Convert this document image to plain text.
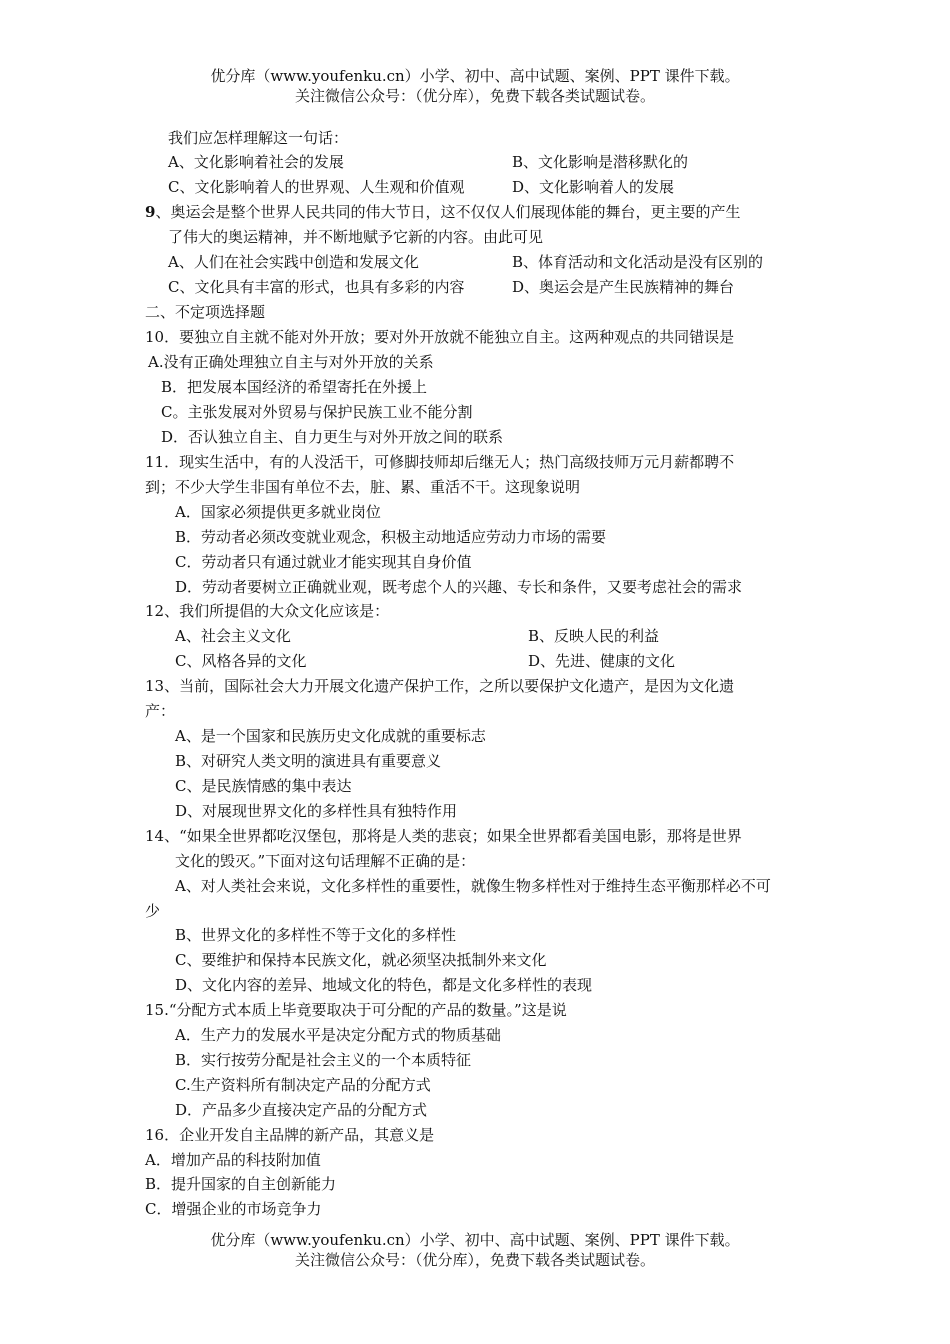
优分库（www.youfenku.cn）小学、初中、高中试题、案例、PPT 课件下载。
关注微信公众号：（优分库），免费下载各类试题试卷。
我们应怎样理解这一句话：
A、文化影响着社会的发展	B、文化影响是潜移默化的
C、文化影响着人的世界观、人生观和价值观	D、文化影响着人的发展
9、奥运会是整个世界人民共同的伟大节日，这不仅仅人们展现体能的舞台，更主要的产生
了伟大的奥运精神，并不断地赋予它新的内容。由此可见
A、人们在社会实践中创造和发展文化	B、体育活动和文化活动是没有区别的
C、文化具有丰富的形式，也具有多彩的内容	D、奥运会是产生民族精神的舞台
二、不定项选择题
10．要独立自主就不能对外开放；要对外开放就不能独立自主。这两种观点的共同错误是
A.没有正确处理独立自主与对外开放的关系
B．把发展本国经济的希望寄托在外援上
C。主张发展对外贸易与保护民族工业不能分割
D．否认独立自主、自力更生与对外开放之间的联系
11．现实生活中，有的人没活干，可修脚技师却后继无人；热门高级技师万元月薪都聘不
到；不少大学生非国有单位不去，脏、累、重活不干。这现象说明
A．国家必须提供更多就业岗位
B．劳动者必须改变就业观念，积极主动地适应劳动力市场的需要
C．劳动者只有通过就业才能实现其自身价值
D．劳动者要树立正确就业观，既考虑个人的兴趣、专长和条件，又要考虑社会的需求
12、我们所提倡的大众文化应该是：
A、社会主义文化	B、反映人民的利益
C、风格各异的文化	D、先进、健康的文化
13、当前，国际社会大力开展文化遗产保护工作，之所以要保护文化遗产，是因为文化遗
产：
A、是一个国家和民族历史文化成就的重要标志
B、对研究人类文明的演进具有重要意义
C、是民族情感的集中表达
D、对展现世界文化的多样性具有独特作用
14、“如果全世界都吃汉堡包，那将是人类的悲哀；如果全世界都看美国电影，那将是世界
文化的毁灭。”下面对这句话理解不正确的是：
A、对人类社会来说，文化多样性的重要性，就像生物多样性对于维持生态平衡那样必不可
少
B、世界文化的多样性不等于文化的多样性
C、要维护和保持本民族文化，就必须坚决抵制外来文化
D、文化内容的差异、地域文化的特色，都是文化多样性的表现
15.“分配方式本质上毕竟要取决于可分配的产品的数量。”这是说
A．生产力的发展水平是决定分配方式的物质基础
B．实行按劳分配是社会主义的一个本质特征
C.生产资料所有制决定产品的分配方式
D．产品多少直接决定产品的分配方式
16．企业开发自主品牌的新产品，其意义是
A．增加产品的科技附加值
B．提升国家的自主创新能力
C．增强企业的市场竞争力
优分库（www.youfenku.cn）小学、初中、高中试题、案例、PPT 课件下载。
关注微信公众号：（优分库），免费下载各类试题试卷。
